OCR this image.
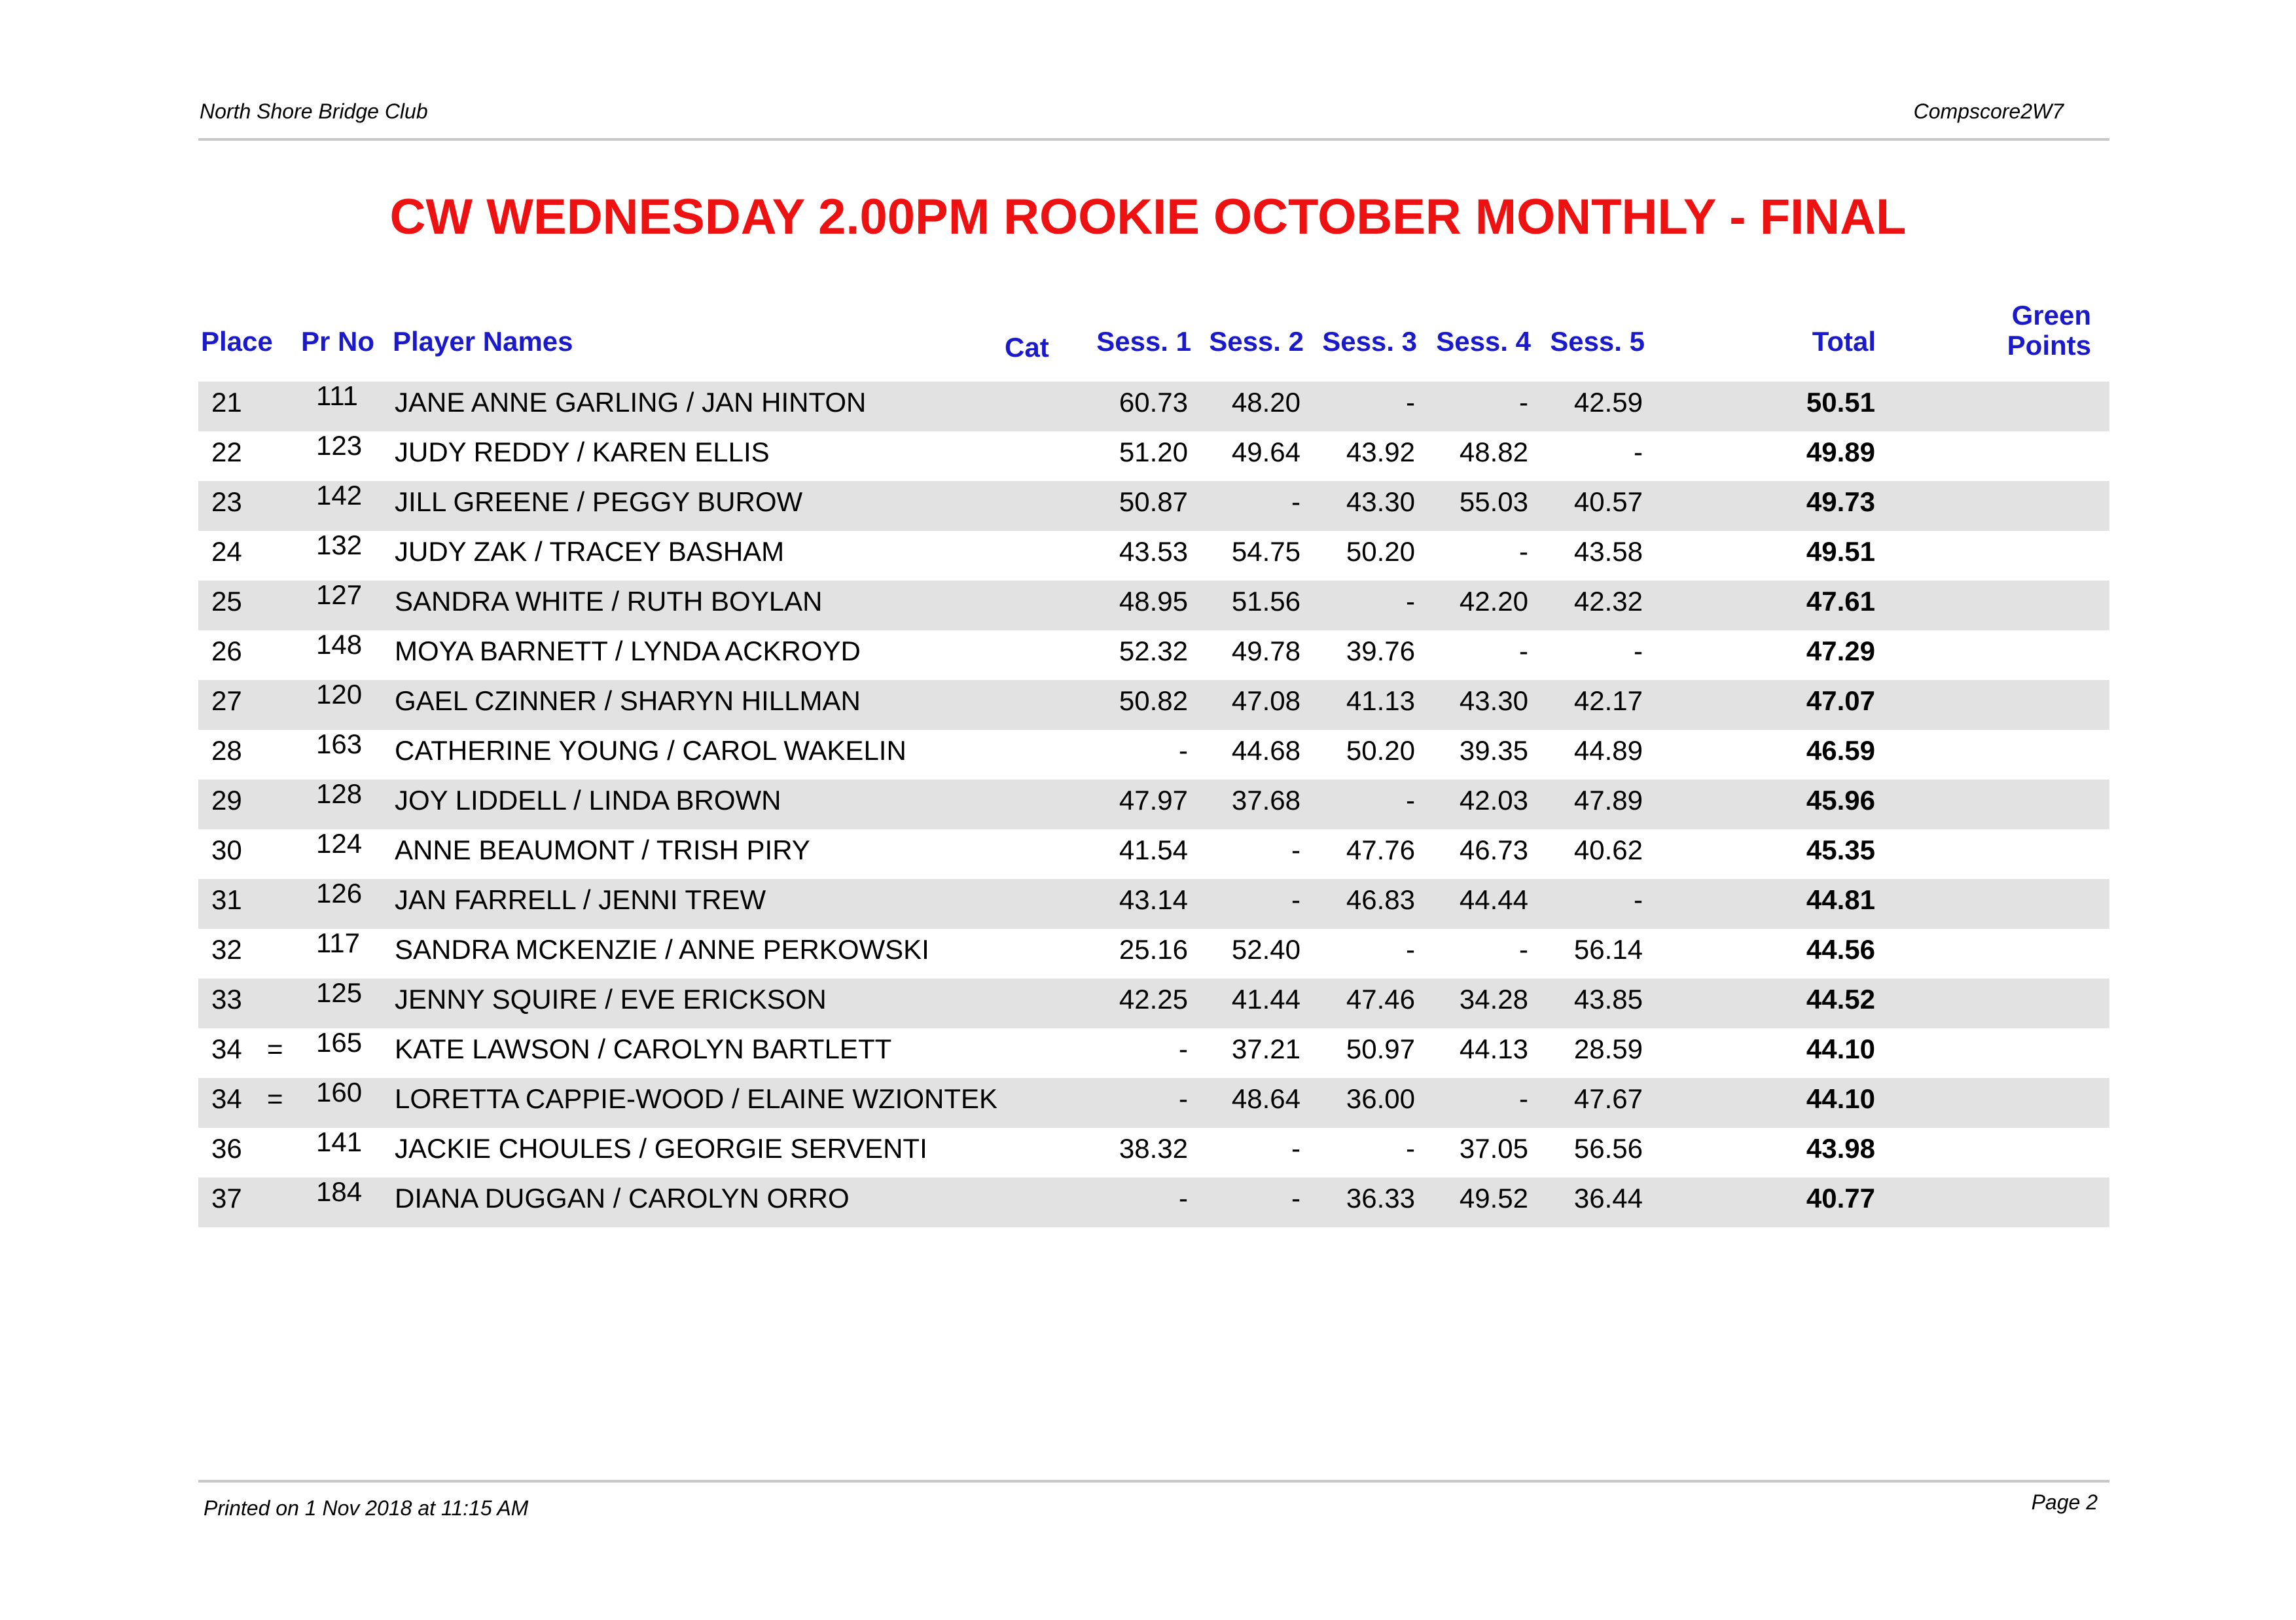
North Shore Bridge Club	Compscore2W7
CW WEDNESDAY 2.00PM ROOKIE OCTOBER MONTHLY - FINAL
Place Pr No Player Names	Cat Sess. 1 Sess. 2 Sess. 3 Sess. 4 Sess. 5	Total
Green
Points
21	111 JANE ANNE GARLING / JAN HINTON	60.73 48.20	-	- 42.59	50.51
22	123 JUDY REDDY / KAREN ELLIS	51.20 49.64 43.92 48.82	-	49.89
23	142 JILL GREENE / PEGGY BUROW	50.87	- 43.30 55.03 40.57	49.73
24	132 JUDY ZAK / TRACEY BASHAM	43.53 54.75 50.20	- 43.58	49.51
25	127 SANDRA WHITE / RUTH BOYLAN	48.95 51.56	- 42.20 42.32	47.61
26	148 MOYA BARNETT / LYNDA ACKROYD	52.32 49.78 39.76	-	-	47.29
27	120 GAEL CZINNER / SHARYN HILLMAN	50.82 47.08 41.13 43.30 42.17	47.07
28	163 CATHERINE YOUNG / CAROL WAKELIN	- 44.68 50.20 39.35 44.89	46.59
29	128 JOY LIDDELL / LINDA BROWN	47.97 37.68	- 42.03 47.89	45.96
30	124 ANNE BEAUMONT / TRISH PIRY	41.54	- 47.76 46.73 40.62	45.35
31	126 JAN FARRELL / JENNI TREW	43.14	- 46.83 44.44	-	44.81
32	117 SANDRA MCKENZIE / ANNE PERKOWSKI	25.16 52.40	-	- 56.14	44.56
33	125 JENNY SQUIRE / EVE ERICKSON	42.25 41.44 47.46 34.28 43.85	44.52
34 = 165 KATE LAWSON / CAROLYN BARTLETT	- 37.21 50.97 44.13 28.59	44.10
34 = 160 LORETTA CAPPIE-WOOD / ELAINE WZIONTEK	- 48.64 36.00	- 47.67	44.10
36	141 JACKIE CHOULES / GEORGIE SERVENTI	38.32	-	- 37.05 56.56	43.98
37	184 DIANA DUGGAN / CAROLYN ORRO	-	- 36.33 49.52 36.44	40.77
Printed on 1 Nov 2018 at 11:15 AM	Page 2
